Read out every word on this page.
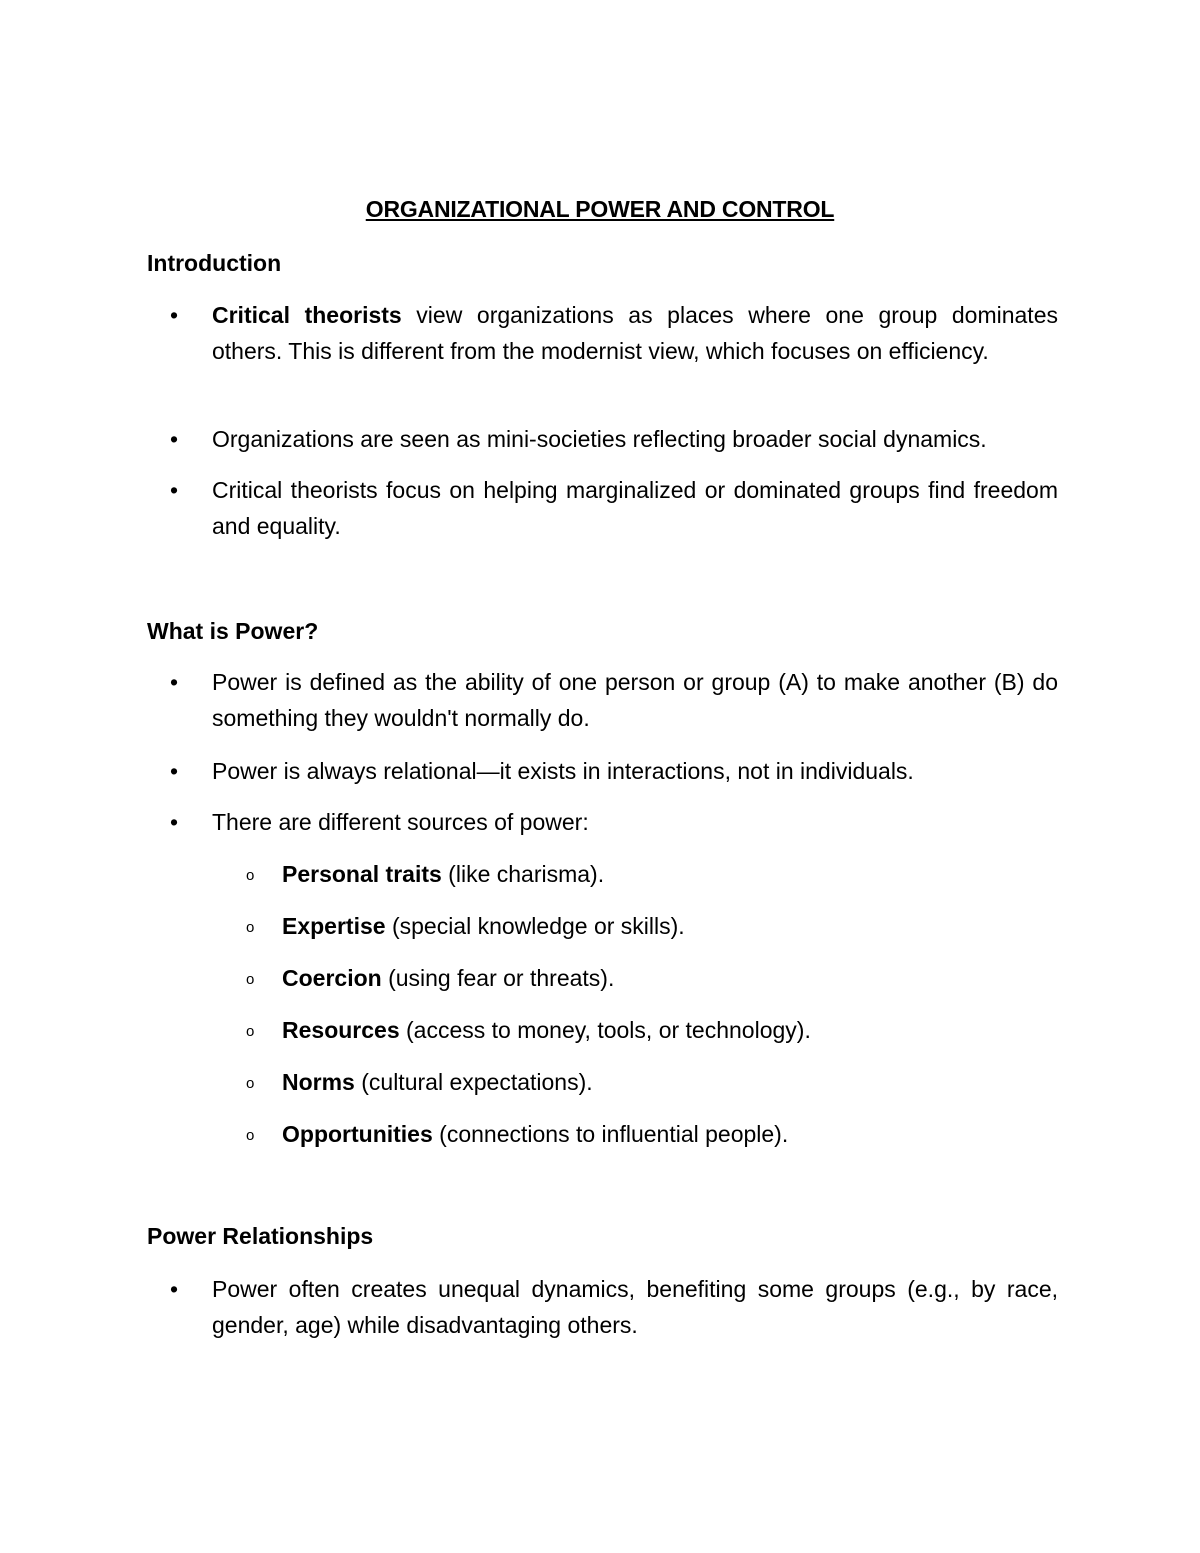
ORGANIZATIONAL POWER AND CONTROL
Introduction
•	Critical theorists view organizations as places where one group dominates others. This is different from the modernist view, which focuses on efficiency.
•	Organizations are seen as mini-societies reflecting broader social dynamics.
•	Critical theorists focus on helping marginalized or dominated groups find freedom and equality.
What is Power?
•	Power is defined as the ability of one person or group (A) to make another (B) do something they wouldn't normally do.
•	Power is always relational—it exists in interactions, not in individuals.
•	There are different sources of power:
o Personal traits (like charisma).
o Expertise (special knowledge or skills).
o Coercion (using fear or threats).
o Resources (access to money, tools, or technology).
o Norms (cultural expectations).
o Opportunities (connections to influential people).
Power Relationships
•	Power often creates unequal dynamics, benefiting some groups (e.g., by race, gender, age) while disadvantaging others.
